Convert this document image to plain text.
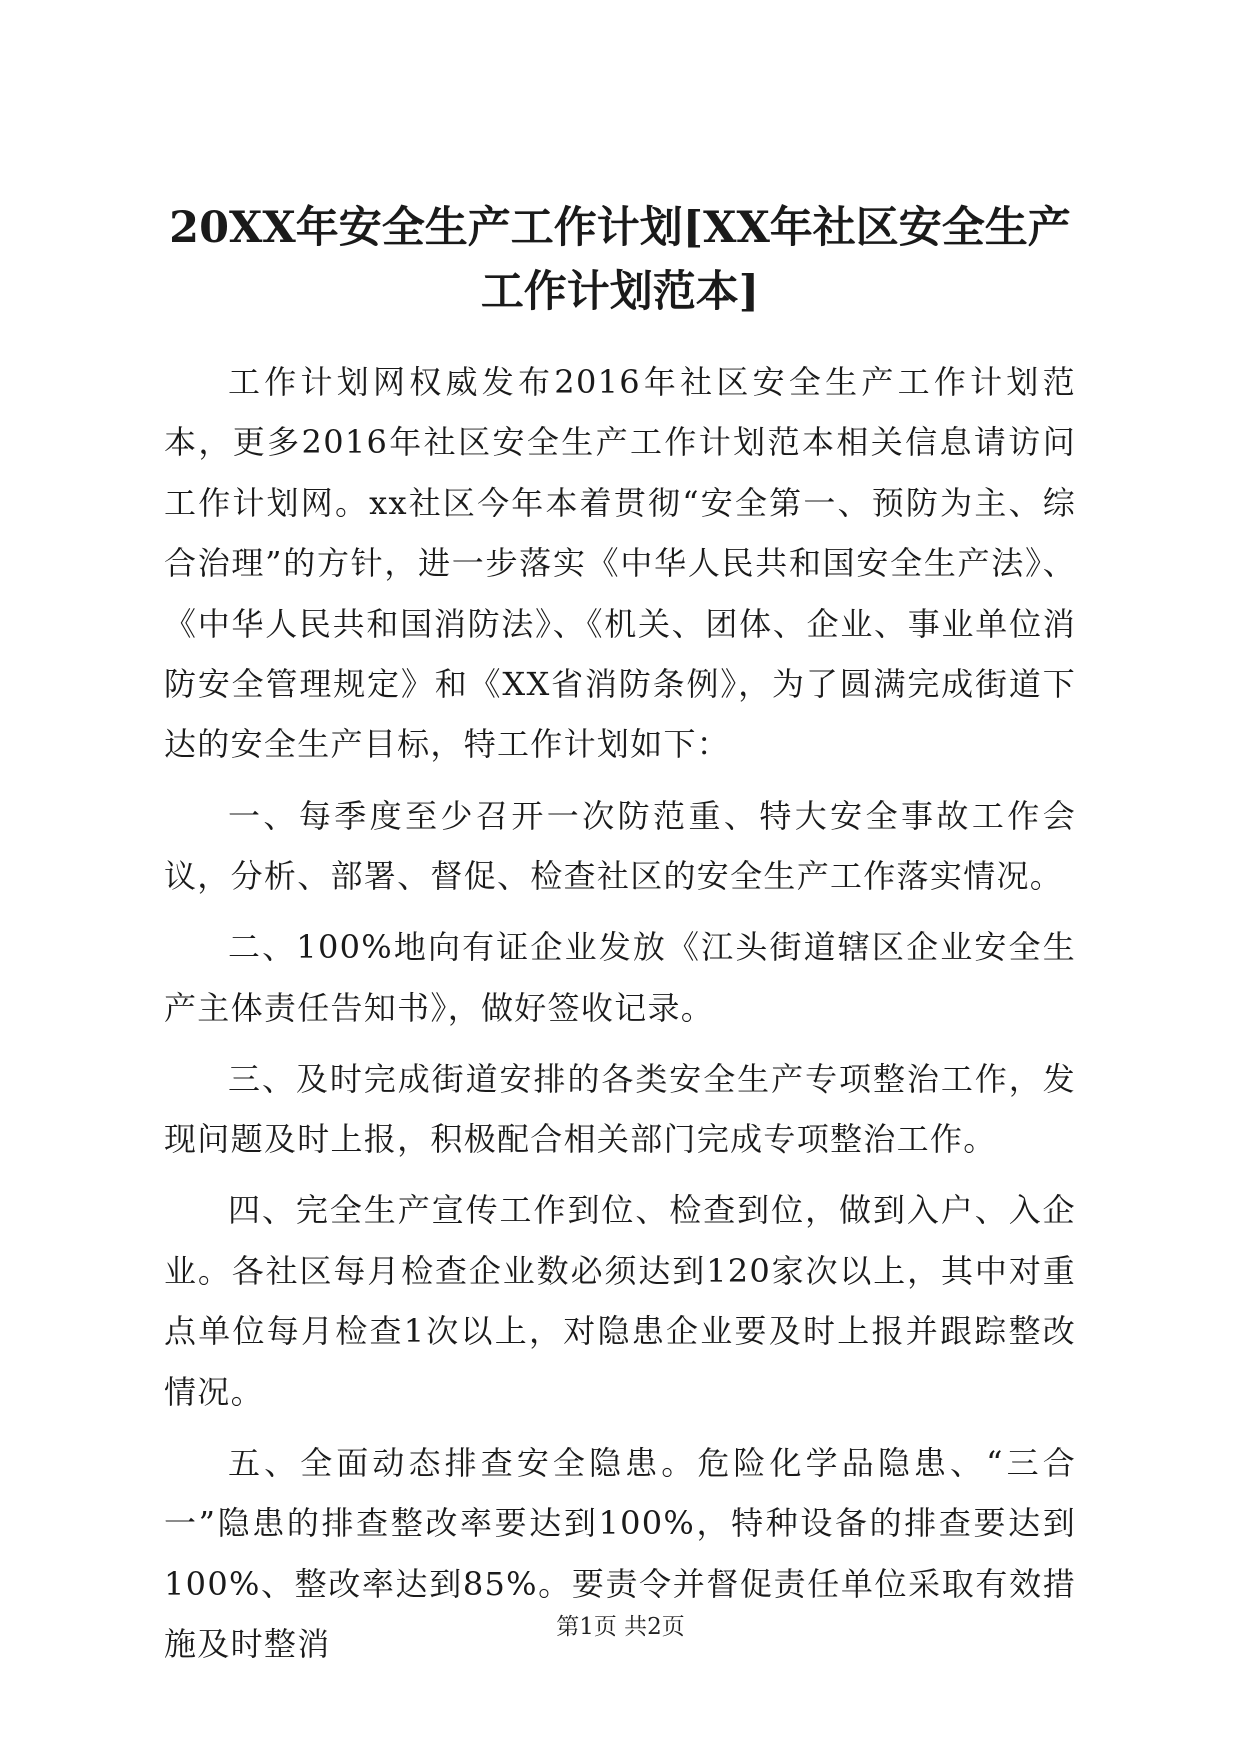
20XX年安全生产工作计划[XX年社区安全生产工作计划范本]

工作计划网权威发布2016年社区安全生产工作计划范本，更多2016年社区安全生产工作计划范本相关信息请访问工作计划网。xx社区今年本着贯彻“安全第一、预防为主、综合治理”的方针，进一步落实《中华人民共和国安全生产法》、《中华人民共和国消防法》、《机关、团体、企业、事业单位消防安全管理规定》和《XX省消防条例》，为了圆满完成街道下达的安全生产目标，特工作计划如下：

一、每季度至少召开一次防范重、特大安全事故工作会议，分析、部署、督促、检查社区的安全生产工作落实情况。

二、100%地向有证企业发放《江头街道辖区企业安全生产主体责任告知书》，做好签收记录。

三、及时完成街道安排的各类安全生产专项整治工作，发现问题及时上报，积极配合相关部门完成专项整治工作。

四、完全生产宣传工作到位、检查到位，做到入户、入企业。各社区每月检查企业数必须达到120家次以上，其中对重点单位每月检查1次以上，对隐患企业要及时上报并跟踪整改情况。

五、全面动态排查安全隐患。危险化学品隐患、“三合一”隐患的排查整改率要达到100%，特种设备的排查要达到100%、整改率达到85%。要责令并督促责任单位采取有效措施及时整消	第1页 共2页
